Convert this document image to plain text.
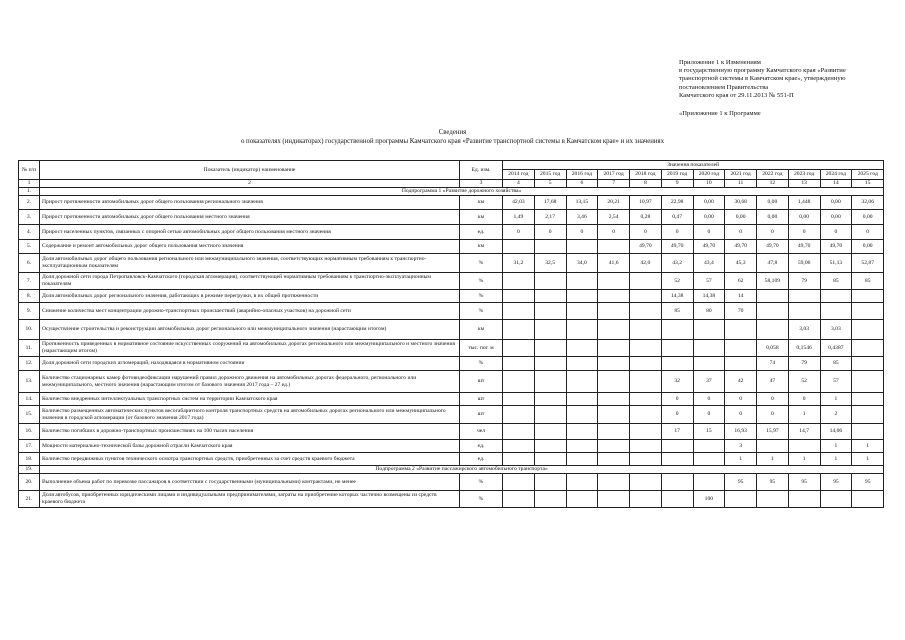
Приложение 1 к Изменениям
в государственную программу Камчатского края «Развитие
транспортной системы в Камчатском крае», утвержденную
постановлением Правительства
Камчатского края от 29.11.2013 № 551-П
«Приложение 1 к Программе
Сведения
о показателях (индикаторах) государственной программы Камчатского края «Развитие транспортной системы в Камчатском крае» и их значениях
№ п/п	Показатель (индикатор) наименование	Ед. изм.	Значения показателей											
			2014 год	2015 год	2016 год	2017 год	2018 год	2019 год	2020 год	2021 год	2022 год	2023 год	2024 год	2025 год
1	2	3	4	5	6	7	8	9	10	11	12	13	14	15
1.	Подпрограмма 1 «Развитие дорожного хозяйства»													
2.	Прирост протяженности автомобильных дорог общего пользования регионального значения	км	42,03	17,68	13,15	20,21	10,97	22,98	0,00	30,68	0,00	1,448	0,00	32,06
3.	Прирост протяженности автомобильных дорог общего пользования местного значения	км	1,49	2,17	3,46	2,54	0,28	0,47	0,00	0,00	0,00	0,00	0,00	0,00
4.	Прирост населенных пунктов, связанных с опорной сетью автомобильных дорог общего пользования местного значения	ед.	0	0	0	0	0	0	0	0	0	0	0	0
5.	Содержание и ремонт автомобильных дорог общего пользования местного значения	км					49,70	49,70	49,70	49,70	49,70	49,70	49,70	0,00
6.	Доля автомобильных дорог общего пользования регионального или межмуниципального значения, соответствующих нормативным требованиям к транспортно-эксплуатационным показателям	%	31,2	32,5	34,0	41,6	42,0	43,2	43,4	45,3	47,8	59,06	51,13	52,87
7.	Доля дорожной сети города Петропавловск-Камчатского (городская агломерация), соответствующей нормативным требованиям к транспортно-эксплуатационным показателям	%						52	57	62	58,109	79	85	85
8.	Доля автомобильных дорог регионального значения, работающих в режиме перегрузки, в их общей протяженности	%						14,38	14,38	14				
9.	Снижение количества мест концентрации дорожно-транспортных происшествий (аварийно-опасных участков) на дорожной сети	%						85	80	70				
10.	Осуществление строительства и реконструкции автомобильных дорог регионального или межмуниципального значения (нарастающим итогом)	км										3,03	3,03	
11.	Протяженность приведенных в нормативное состояние искусственных сооружений на автомобильных дорогах регионального или межмуниципального и местного значения (нарастающим итогом)	тыс. пог. м									0,058	0,1546	0,4387	
12.	Доля дорожной сети городских агломераций, находящаяся в нормативном состоянии	%									74	79	85	
13.	Количество стационарных камер фотовидеофиксации нарушений правил дорожного движения на автомобильных дорогах федерального, регионального или межмуниципального, местного значения (нарастающим итогом от базового значения 2017 года – 27 ед.)	шт						32	37	42	47	52	57	
14.	Количество внедренных интеллектуальных транспортных систем на территории Камчатского края	шт						0	0	0	0	0	1	
15.	Количество размещенных автоматических пунктов весогабаритного контроля транспортных средств на автомобильных дорогах регионального или межмуниципального значения в городской агломерации (от базового значения 2017 года)	шт						0	0	0	0	1	2	
16.	Количество погибших в дорожно-транспортных происшествиях на 100 тысяч населения	чел						17	15	16,93	15,97	14,7	14,06	
17.	Мощности материально-технической базы дорожной отрасли Камчатского края	ед.								3			1	1
18.	Количество передвижных пунктов технического осмотра транспортных средств, приобретенных за счет средств краевого бюджета	ед.								1	1	1	1	1
19.	Подпрограмма 2 «Развитие пассажирского автомобильного транспорта»													
20.	Выполнение объема работ по перевозке пассажиров в соответствии с государственными (муниципальными) контрактами, не менее	%								95	95	95	95	95
21.	Доля автобусов, приобретенных юридическими лицами и индивидуальными предпринимателями, затраты на приобретение которых частично возмещены из средств краевого бюджета	%							100					
